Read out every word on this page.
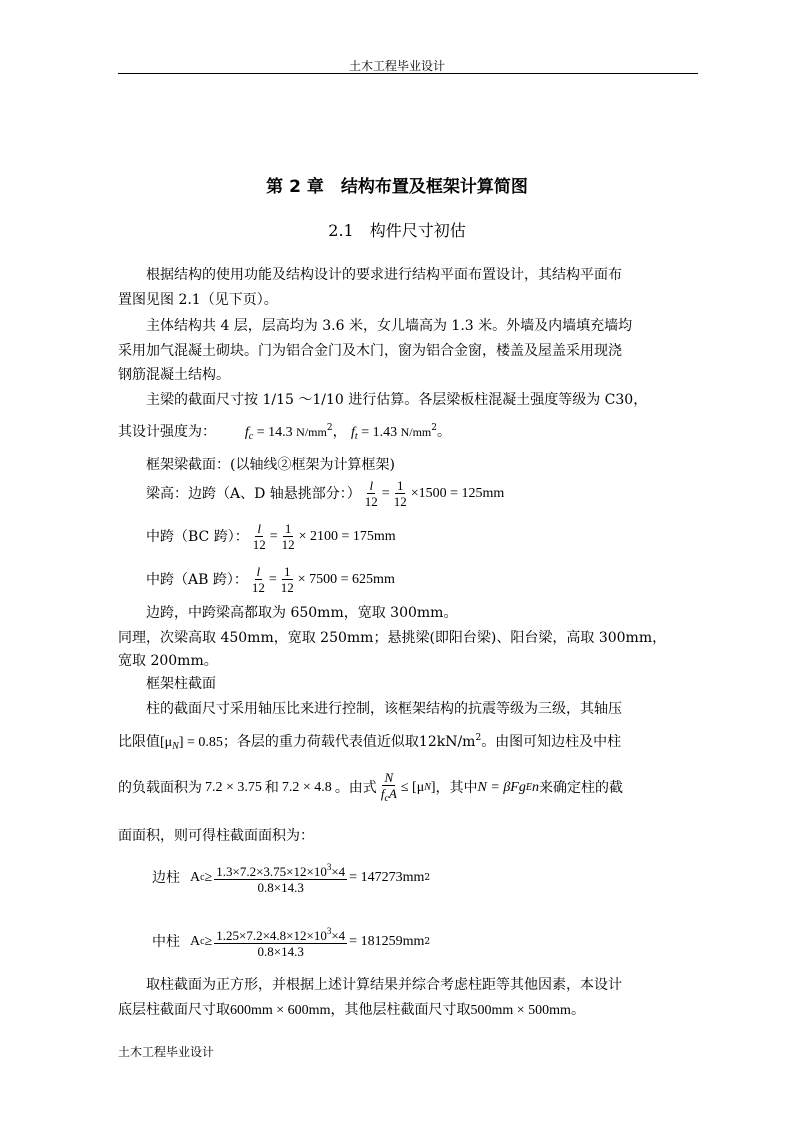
土木工程毕业设计
第 2 章　结构布置及框架计算简图
2.1　构件尺寸初估
根据结构的使用功能及结构设计的要求进行结构平面布置设计，其结构平面布
置图见图 2.1（见下页）。
主体结构共 4 层，层高均为 3.6 米，女儿墙高为 1.3 米。外墙及内墙填充墙均
采用加气混凝土砌块。门为铝合金门及木门，窗为铝合金窗，楼盖及屋盖采用现浇
钢筋混凝土结构。
主梁的截面尺寸按 1/15 ～1/10 进行估算。各层梁板柱混凝土强度等级为 C30，
其设计强度为： $f_c = 14.3$ $N/mm^2$， $f_t = 1.43$ $N/mm^2$。
框架梁截面：(以轴线②框架为计算框架)
梁高：边跨（A、D 轴悬挑部分：） $\frac{l}{12} = \frac{1}{12} \times 1500 = 125mm$
中跨（BC 跨）： $\frac{l}{12} = \frac{1}{12} \times 2100 = 175mm$
中跨（AB 跨）： $\frac{l}{12} = \frac{1}{12} \times 7500 = 625mm$
边跨，中跨梁高都取为 650mm，宽取 300mm。
同理，次梁高取 450mm，宽取 250mm；悬挑梁(即阳台梁)、阳台梁，高取 300mm，
宽取 200mm。
框架柱截面
柱的截面尺寸采用轴压比来进行控制，该框架结构的抗震等级为三级，其轴压
比限值$[\mu_N] = 0.85$；各层的重力荷载代表值近似取$12kN/m^2$。由图可知边柱及中柱
的负载面积为 7.2 × 3.75 和 7.2 × 4.8 。由式 $\frac{N}{f_cA} \le [\mu$ N ] ，其中 N = βFg E n 来确定柱的截
面面积，则可得柱截面面积为：
边柱 A $c \ge \frac{1.3\times 7.2\times 3.75\times 12\times 10^3\times 4}{0.8\times 14.3} = 147273mm$ 2
中柱 A $c \ge \frac{1.25\times 7.2\times 4.8\times 12\times 10^3\times 4}{0.8\times 14.3} = 181259mm$ 2
取柱截面为正方形，并根据上述计算结果并综合考虑柱距等其他因素，本设计
底层柱截面尺寸取600mm × 600mm，其他层柱截面尺寸取500mm × 500mm。
土木工程毕业设计
